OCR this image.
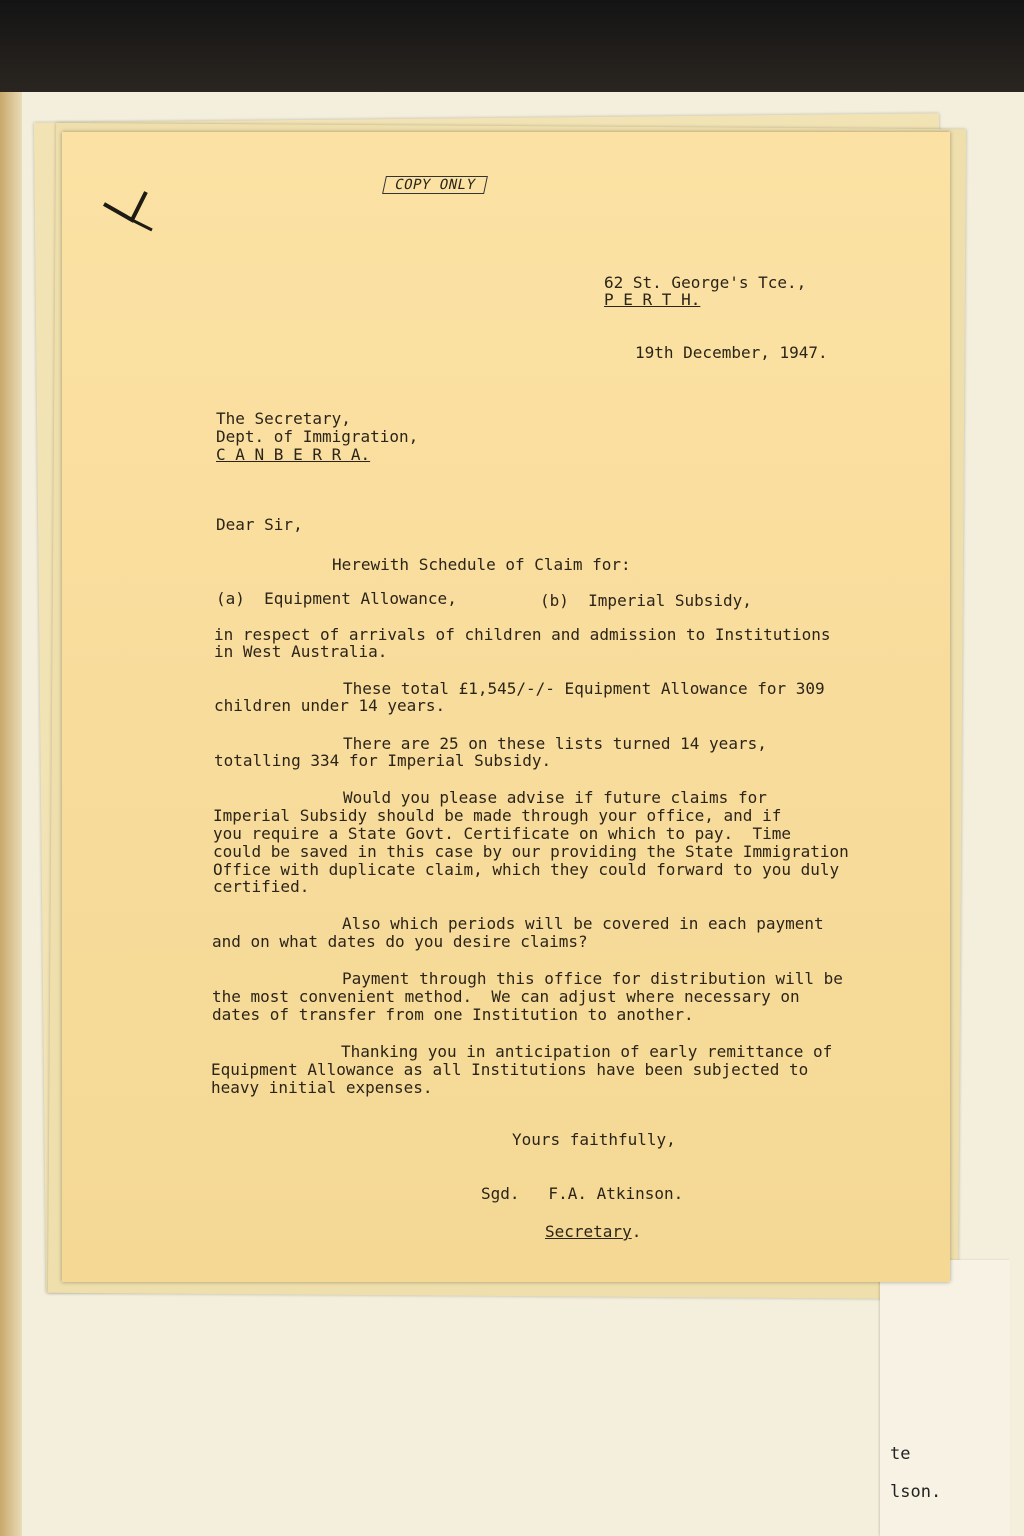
te
lson.
COPY ONLY
62 St. George's Tce.,
P E R T H.
19th December, 1947.
The Secretary,
Dept. of Immigration,
C A N B E R R A.
Dear Sir,
Herewith Schedule of Claim for:
(a)  Equipment Allowance,	(b)  Imperial Subsidy,
in respect of arrivals of children and admission to Institutions
in West Australia.
These total £1,545/-/- Equipment Allowance for 309
children under 14 years.
There are 25 on these lists turned 14 years,
totalling 334 for Imperial Subsidy.
Would you please advise if future claims for
Imperial Subsidy should be made through your office, and if
you require a State Govt. Certificate on which to pay.  Time
could be saved in this case by our providing the State Immigration
Office with duplicate claim, which they could forward to you duly
certified.
Also which periods will be covered in each payment
and on what dates do you desire claims?
Payment through this office for distribution will be
the most convenient method.  We can adjust where necessary on
dates of transfer from one Institution to another.
Thanking you in anticipation of early remittance of
Equipment Allowance as all Institutions have been subjected to
heavy initial expenses.
Yours faithfully,
Sgd.   F.A. Atkinson.
Secretary.
